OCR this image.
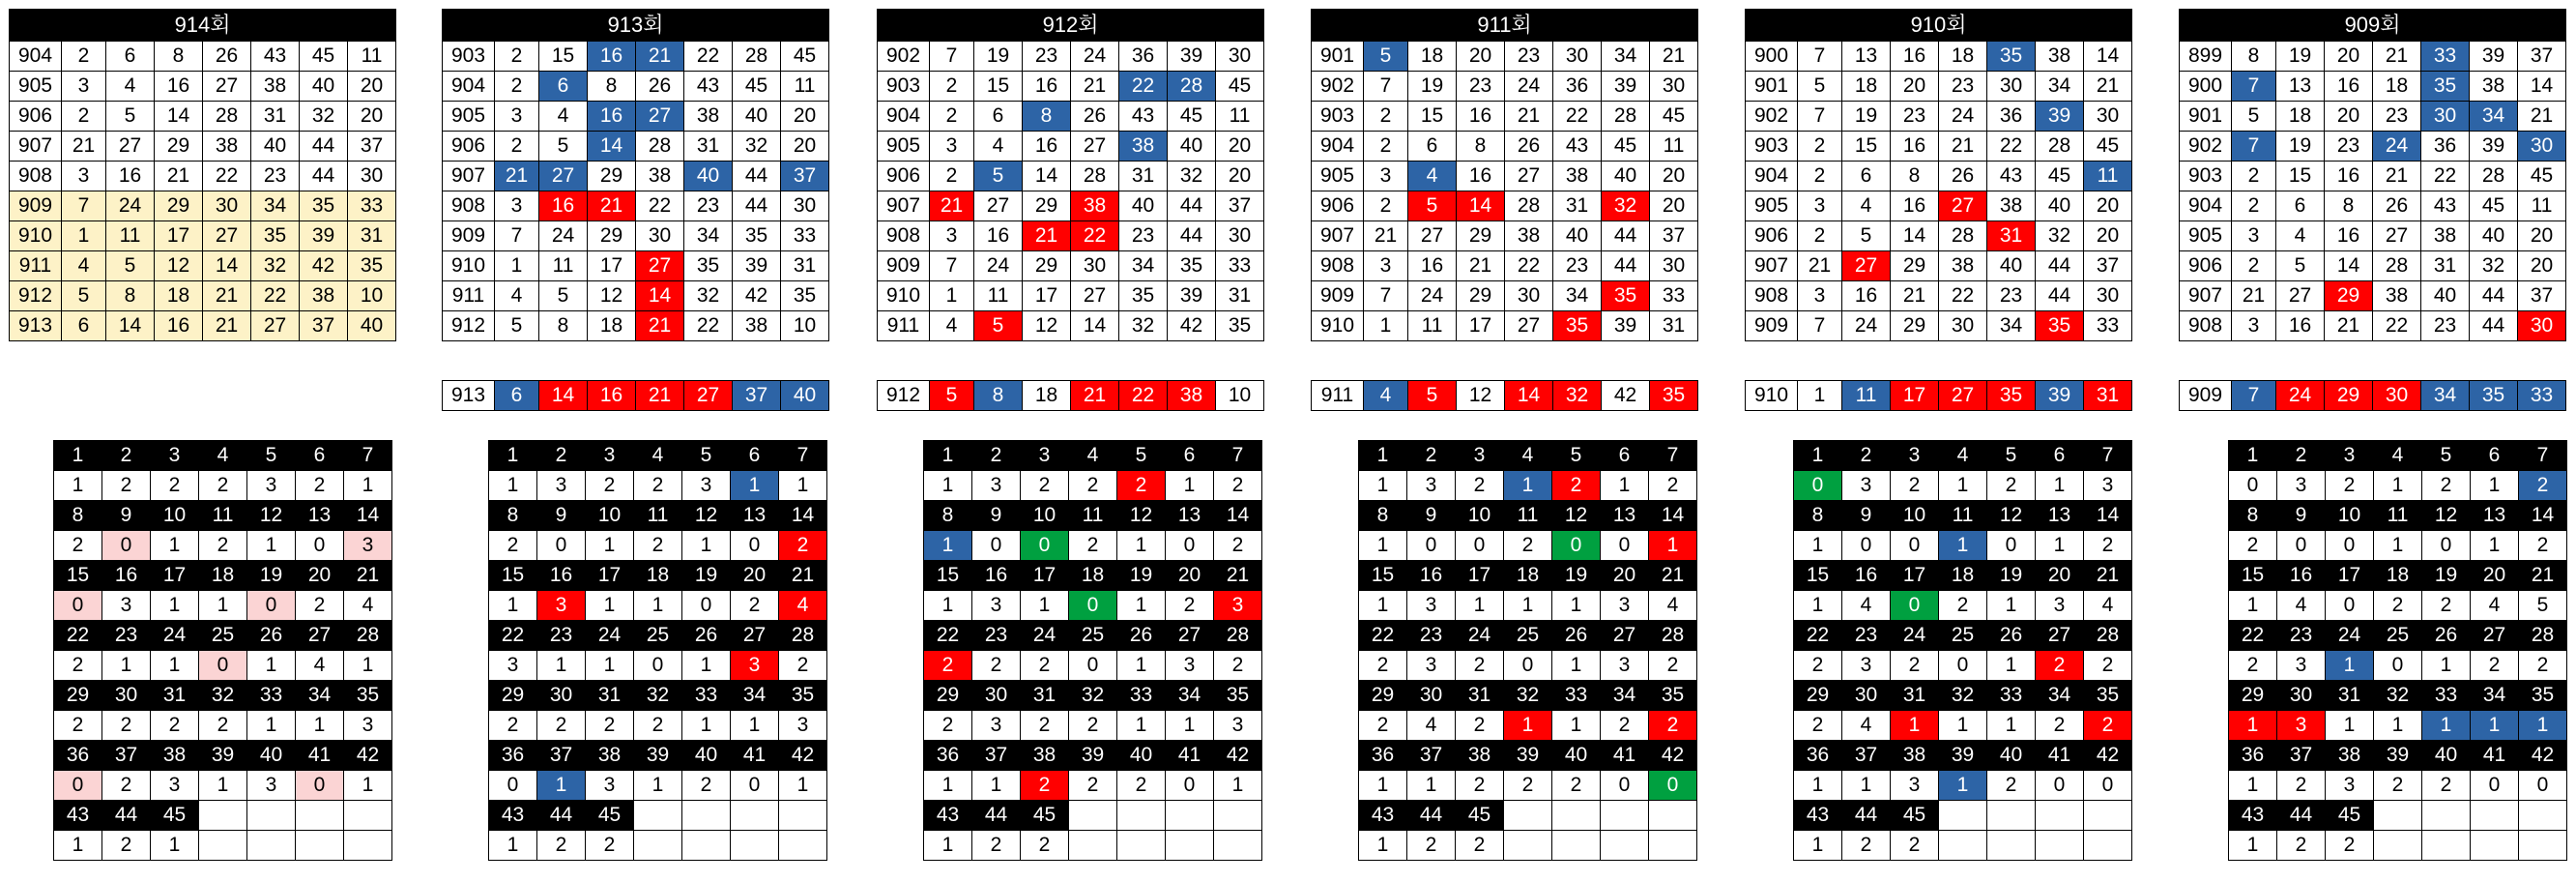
914회							
904	2	6	8	26	43	45	11
905	3	4	16	27	38	40	20
906	2	5	14	28	31	32	20
907	21	27	29	38	40	44	37
908	3	16	21	22	23	44	30
909	7	24	29	30	34	35	33
910	1	11	17	27	35	39	31
911	4	5	12	14	32	42	35
912	5	8	18	21	22	38	10
913	6	14	16	21	27	37	40
1	2	3	4	5	6	7
1	2	2	2	3	2	1
8	9	10	11	12	13	14
2	0	1	2	1	0	3
15	16	17	18	19	20	21
0	3	1	1	0	2	4
22	23	24	25	26	27	28
2	1	1	0	1	4	1
29	30	31	32	33	34	35
2	2	2	2	1	1	3
36	37	38	39	40	41	42
0	2	3	1	3	0	1
43	44	45				
1	2	1				
913회							
903	2	15	16	21	22	28	45
904	2	6	8	26	43	45	11
905	3	4	16	27	38	40	20
906	2	5	14	28	31	32	20
907	21	27	29	38	40	44	37
908	3	16	21	22	23	44	30
909	7	24	29	30	34	35	33
910	1	11	17	27	35	39	31
911	4	5	12	14	32	42	35
912	5	8	18	21	22	38	10
913	6	14	16	21	27	37	40
1	2	3	4	5	6	7
1	3	2	2	3	1	1
8	9	10	11	12	13	14
2	0	1	2	1	0	2
15	16	17	18	19	20	21
1	3	1	1	0	2	4
22	23	24	25	26	27	28
3	1	1	0	1	3	2
29	30	31	32	33	34	35
2	2	2	2	1	1	3
36	37	38	39	40	41	42
0	1	3	1	2	0	1
43	44	45				
1	2	2				
912회							
902	7	19	23	24	36	39	30
903	2	15	16	21	22	28	45
904	2	6	8	26	43	45	11
905	3	4	16	27	38	40	20
906	2	5	14	28	31	32	20
907	21	27	29	38	40	44	37
908	3	16	21	22	23	44	30
909	7	24	29	30	34	35	33
910	1	11	17	27	35	39	31
911	4	5	12	14	32	42	35
912	5	8	18	21	22	38	10
1	2	3	4	5	6	7
1	3	2	2	2	1	2
8	9	10	11	12	13	14
1	0	0	2	1	0	2
15	16	17	18	19	20	21
1	3	1	0	1	2	3
22	23	24	25	26	27	28
2	2	2	0	1	3	2
29	30	31	32	33	34	35
2	3	2	2	1	1	3
36	37	38	39	40	41	42
1	1	2	2	2	0	1
43	44	45				
1	2	2				
911회							
901	5	18	20	23	30	34	21
902	7	19	23	24	36	39	30
903	2	15	16	21	22	28	45
904	2	6	8	26	43	45	11
905	3	4	16	27	38	40	20
906	2	5	14	28	31	32	20
907	21	27	29	38	40	44	37
908	3	16	21	22	23	44	30
909	7	24	29	30	34	35	33
910	1	11	17	27	35	39	31
911	4	5	12	14	32	42	35
1	2	3	4	5	6	7
1	3	2	1	2	1	2
8	9	10	11	12	13	14
1	0	0	2	0	0	1
15	16	17	18	19	20	21
1	3	1	1	1	3	4
22	23	24	25	26	27	28
2	3	2	0	1	3	2
29	30	31	32	33	34	35
2	4	2	1	1	2	2
36	37	38	39	40	41	42
1	1	2	2	2	0	0
43	44	45				
1	2	2				
910회							
900	7	13	16	18	35	38	14
901	5	18	20	23	30	34	21
902	7	19	23	24	36	39	30
903	2	15	16	21	22	28	45
904	2	6	8	26	43	45	11
905	3	4	16	27	38	40	20
906	2	5	14	28	31	32	20
907	21	27	29	38	40	44	37
908	3	16	21	22	23	44	30
909	7	24	29	30	34	35	33
910	1	11	17	27	35	39	31
1	2	3	4	5	6	7
0	3	2	1	2	1	3
8	9	10	11	12	13	14
1	0	0	1	0	1	2
15	16	17	18	19	20	21
1	4	0	2	1	3	4
22	23	24	25	26	27	28
2	3	2	0	1	2	2
29	30	31	32	33	34	35
2	4	1	1	1	2	2
36	37	38	39	40	41	42
1	1	3	1	2	0	0
43	44	45				
1	2	2				
909회							
899	8	19	20	21	33	39	37
900	7	13	16	18	35	38	14
901	5	18	20	23	30	34	21
902	7	19	23	24	36	39	30
903	2	15	16	21	22	28	45
904	2	6	8	26	43	45	11
905	3	4	16	27	38	40	20
906	2	5	14	28	31	32	20
907	21	27	29	38	40	44	37
908	3	16	21	22	23	44	30
909	7	24	29	30	34	35	33
1	2	3	4	5	6	7
0	3	2	1	2	1	2
8	9	10	11	12	13	14
2	0	0	1	0	1	2
15	16	17	18	19	20	21
1	4	0	2	2	4	5
22	23	24	25	26	27	28
2	3	1	0	1	2	2
29	30	31	32	33	34	35
1	3	1	1	1	1	1
36	37	38	39	40	41	42
1	2	3	2	2	0	0
43	44	45				
1	2	2				
